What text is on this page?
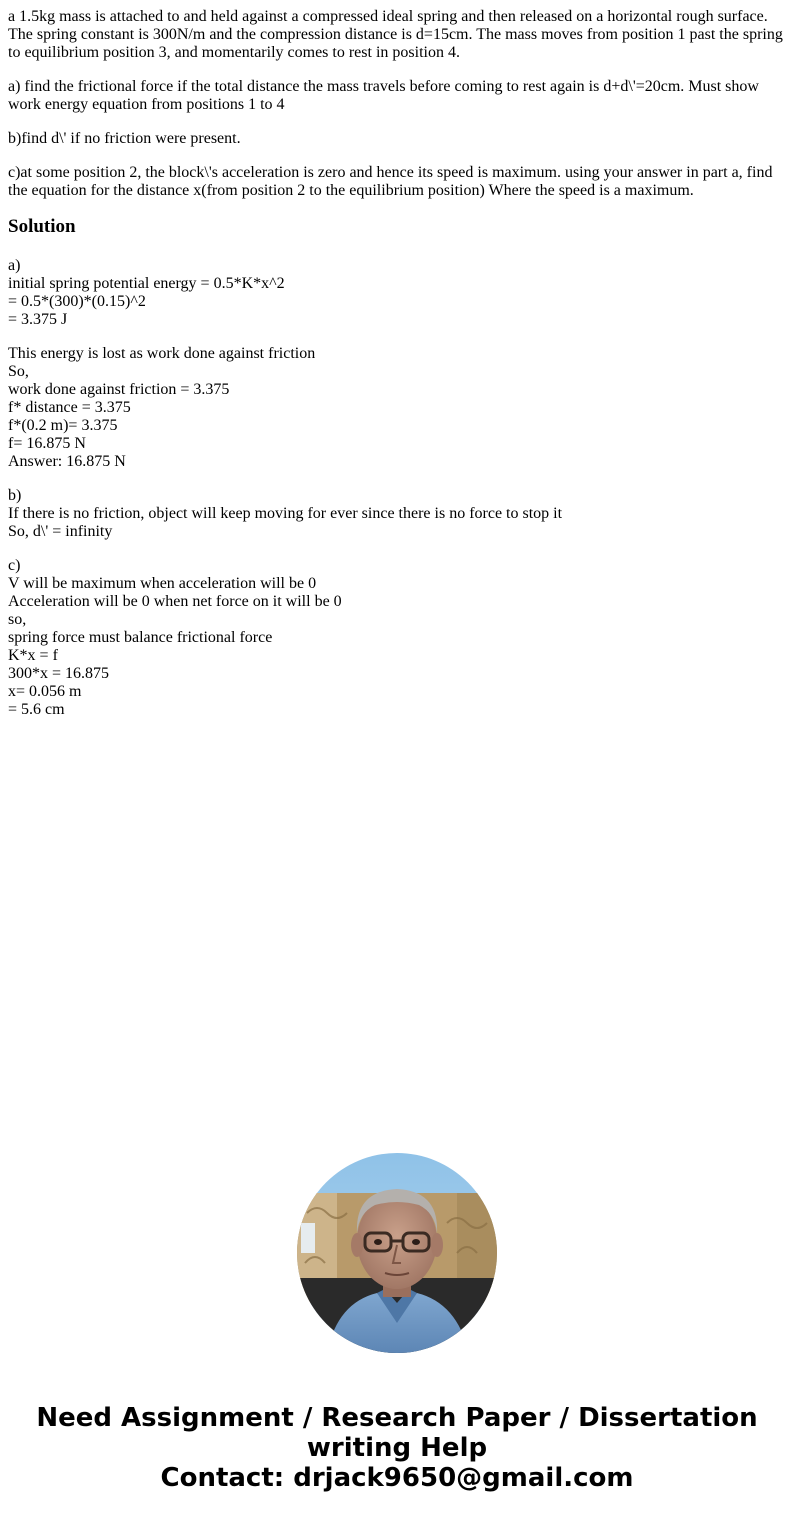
a 1.5kg mass is attached to and held against a compressed ideal spring and then released on a horizontal rough surface. The spring constant is 300N/m and the compression distance is d=15cm. The mass moves from position 1 past the spring to equilibrium position 3, and momentarily comes to rest in position 4.

a) find the frictional force if the total distance the mass travels before coming to rest again is d+d\'=20cm. Must show work energy equation from positions 1 to 4

b)find d\' if no friction were present.

c)at some position 2, the block\'s acceleration is zero and hence its speed is maximum. using your answer in part a, find the equation for the distance x(from position 2 to the equilibrium position) Where the speed is a maximum.

Solution
a)
initial spring potential energy = 0.5*K*x^2
= 0.5*(300)*(0.15)^2
= 3.375 J
This energy is lost as work done against friction
So,
work done against friction = 3.375
f* distance = 3.375
f*(0.2 m)= 3.375
f= 16.875 N
Answer: 16.875 N
b)
If there is no friction, object will keep moving for ever since there is no force to stop it
So, d\' = infinity
c)
V will be maximum when acceleration will be 0
Acceleration will be 0 when net force on it will be 0
so,
spring force must balance frictional force
K*x = f
300*x = 16.875
x= 0.056 m
= 5.6 cm
Need Assignment / Research Paper / Dissertation
writing Help
Contact: drjack9650@gmail.com
